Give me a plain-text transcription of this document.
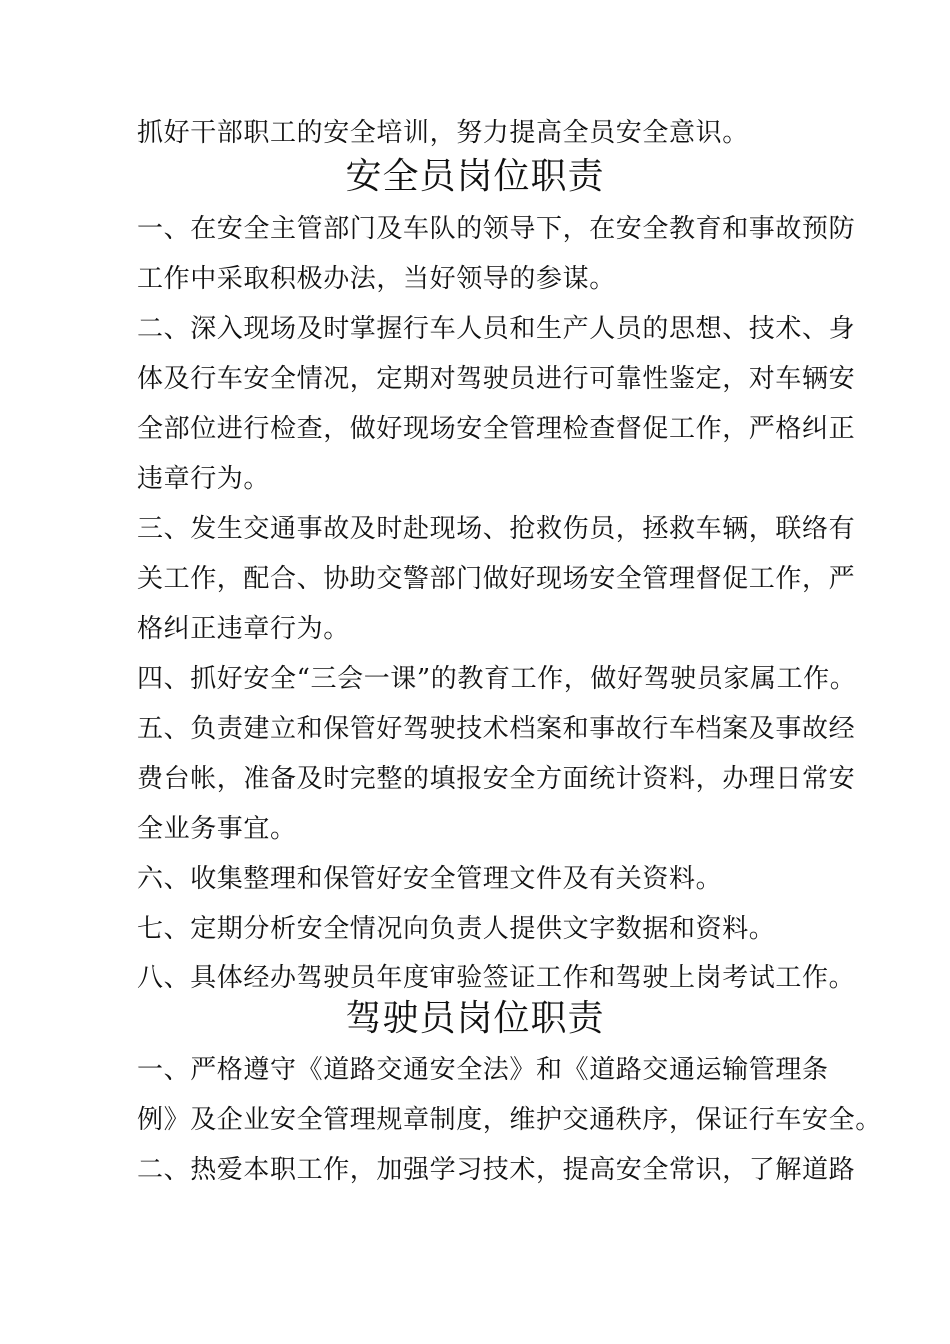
抓好干部职工的安全培训，努力提高全员安全意识。
安全员岗位职责
一、在安全主管部门及车队的领导下，在安全教育和事故预防
工作中采取积极办法，当好领导的参谋。
二、深入现场及时掌握行车人员和生产人员的思想、技术、身
体及行车安全情况，定期对驾驶员进行可靠性鉴定，对车辆安
全部位进行检查，做好现场安全管理检查督促工作，严格纠正
违章行为。
三、发生交通事故及时赴现场、抢救伤员，拯救车辆，联络有
关工作，配合、协助交警部门做好现场安全管理督促工作，严
格纠正违章行为。
四、抓好安全“三会一课”的教育工作，做好驾驶员家属工作。
五、负责建立和保管好驾驶技术档案和事故行车档案及事故经
费台帐，准备及时完整的填报安全方面统计资料，办理日常安
全业务事宜。
六、收集整理和保管好安全管理文件及有关资料。
七、定期分析安全情况向负责人提供文字数据和资料。
八、具体经办驾驶员年度审验签证工作和驾驶上岗考试工作。
驾驶员岗位职责
一、严格遵守《道路交通安全法》和《道路交通运输管理条
例》及企业安全管理规章制度，维护交通秩序，保证行车安全。
二、热爱本职工作，加强学习技术，提高安全常识，了解道路
